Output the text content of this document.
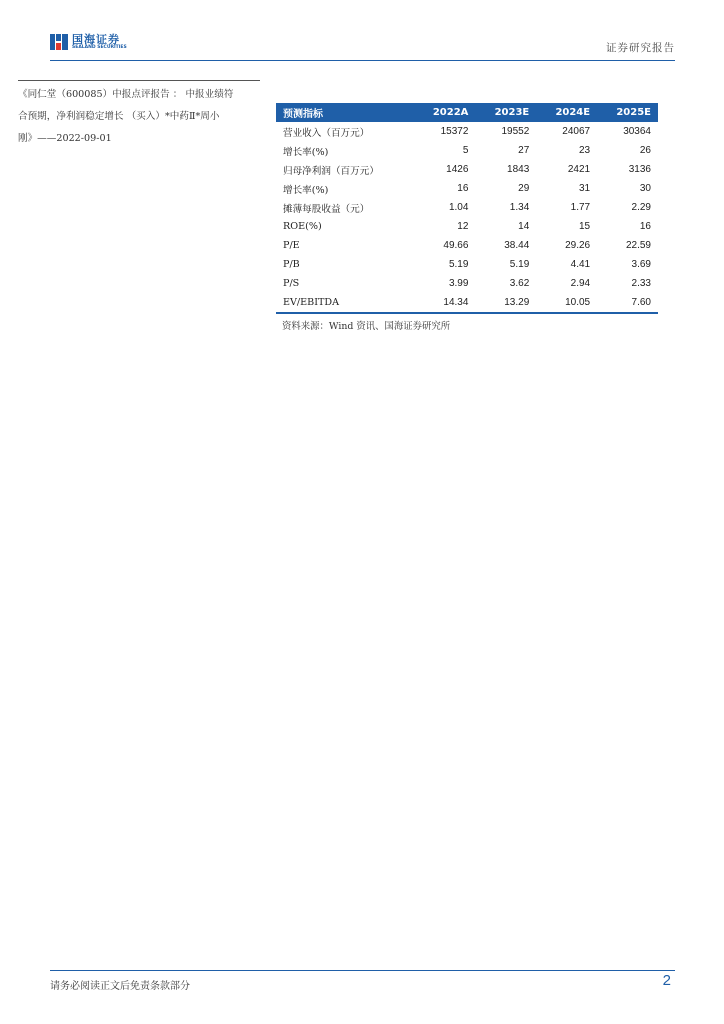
国海证券
SEALAND SECURITIES	证券研究报告
《同仁堂（600085）中报点评报告 ： 中报业绩符
合预期，净利润稳定增长 （买入）*中药Ⅱ*周小
刚》——2022-09-01
预测指标	2022A	2023E	2024E	2025E
营业收入（百万元）	15372	19552	24067	30364
增长率(%)	5	27	23	26
归母净利润（百万元）	1426	1843	2421	3136
增长率(%)	16	29	31	30
摊薄每股收益（元）	1.04	1.34	1.77	2.29
ROE(%)	12	14	15	16
P/E	49.66	38.44	29.26	22.59
P/B	5.19	5.19	4.41	3.69
P/S	3.99	3.62	2.94	2.33
EV/EBITDA	14.34	13.29	10.05	7.60
资料来源：Wind 资讯、国海证券研究所
请务必阅读正文后免责条款部分	2
